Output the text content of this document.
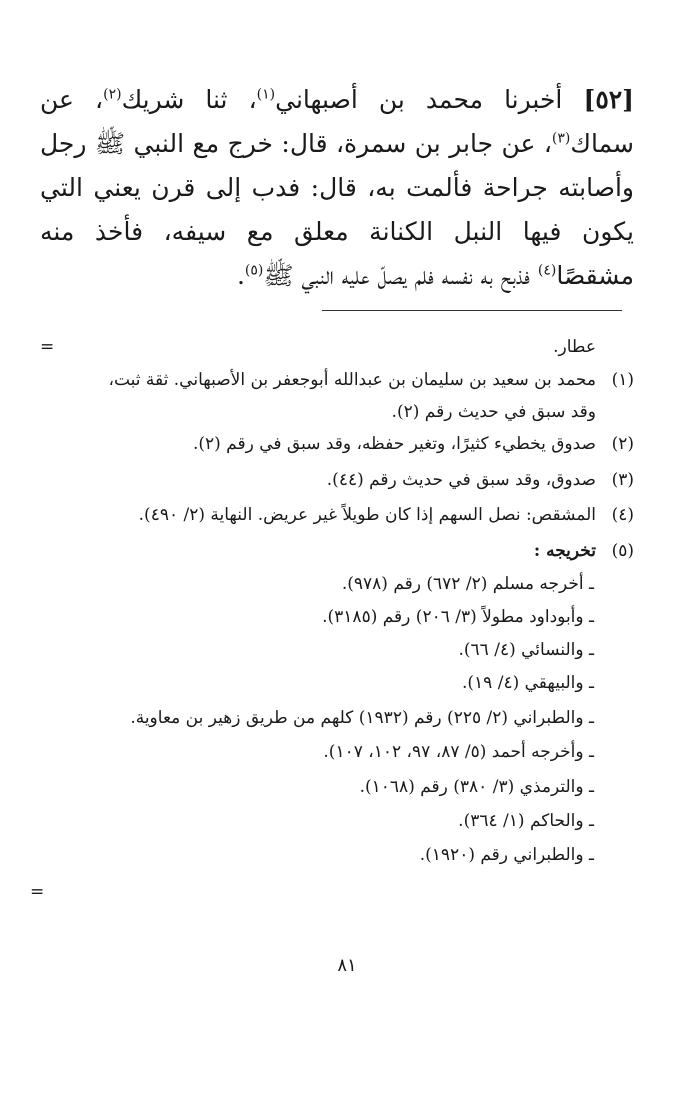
[٥٢] أخبرنا محمد بن أصبهاني$^{(١)}$، ثنا شريك$^{(٢)}$، عن سماك$^{(٣)}$، عن جابر بن سمرة، قال: خرج مع النبي ﷺ رجل وأصابته جراحة فألمت به، قال: فدب إلى قرن يعني التي يكون فيها النبل الكنانة معلق مع سيفه، فأخذ منه مشقصًا$^{(٤)}$ فذبح به نفسه فلم يصلّ عليه النبي ﷺ$^{(٥)}$.

عطار.
=
(١)محمد بن سعيد بن سليمان بن عبدالله أبوجعفر بن الأصبهاني. ثقة ثبت،
وقد سبق في حديث رقم (٢).
(٢)صدوق يخطيء كثيرًا، وتغير حفظه، وقد سبق في رقم (٢).
(٣)صدوق، وقد سبق في حديث رقم (٤٤).
(٤)المشقص: نصل السهم إذا كان طويلاً غير عريض. النهاية (٢/ ٤٩٠).
(٥)تخريجه :
ـ أخرجه مسلم (٢/ ٦٧٢) رقم (٩٧٨).
ـ وأبوداود مطولاً (٣/ ٢٠٦) رقم (٣١٨٥).
ـ والنسائي (٤/ ٦٦).
ـ والبيهقي (٤/ ١٩).
ـ والطبراني (٢/ ٢٢٥) رقم (١٩٣٢) كلهم من طريق زهير بن معاوية.
ـ وأخرجه أحمد (٥/ ٨٧، ٩٧، ١٠٢، ١٠٧).
ـ والترمذي (٣/ ٣٨٠) رقم (١٠٦٨).
ـ والحاكم (١/ ٣٦٤).
ـ والطبراني رقم (١٩٢٠).
=
٨١
